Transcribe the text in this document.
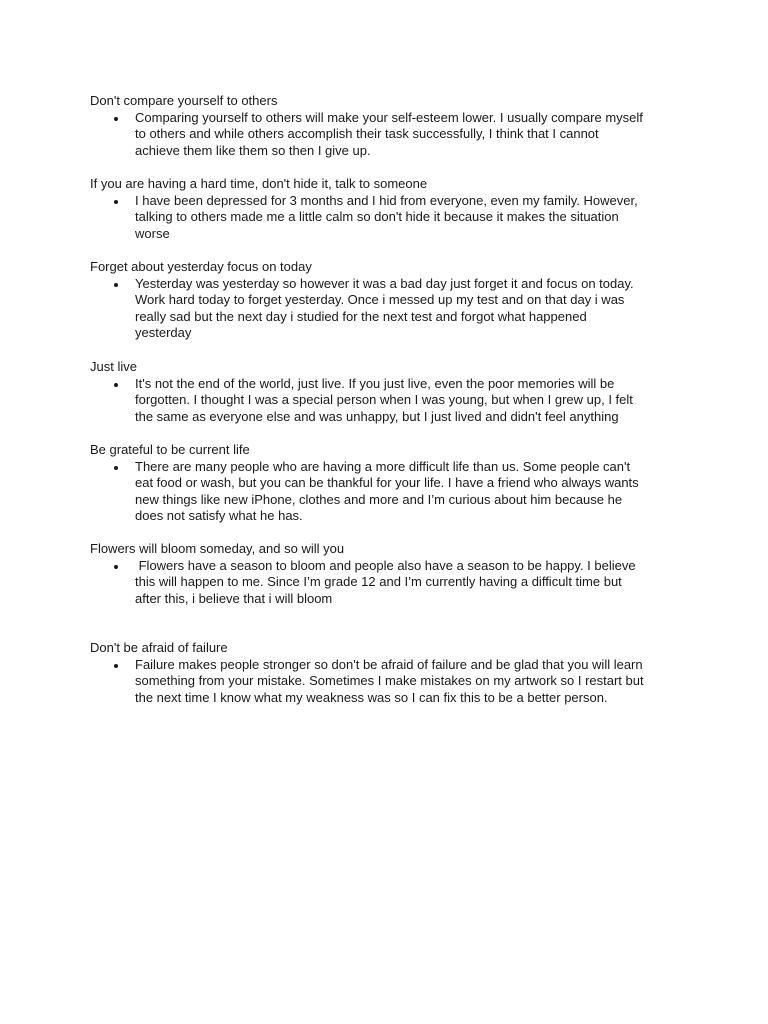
Don't compare yourself to others

Comparing yourself to others will make your self-esteem lower. I usually compare myself
to others and while others accomplish their task successfully, I think that I cannot
achieve them like them so then I give up.

If you are having a hard time, don't hide it, talk to someone

I have been depressed for 3 months and I hid from everyone, even my family. However,
talking to others made me a little calm so don't hide it because it makes the situation
worse

Forget about yesterday focus on today

Yesterday was yesterday so however it was a bad day just forget it and focus on today.
Work hard today to forget yesterday. Once i messed up my test and on that day i was
really sad but the next day i studied for the next test and forgot what happened
yesterday

Just live

It's not the end of the world, just live. If you just live, even the poor memories will be
forgotten. I thought I was a special person when I was young, but when I grew up, I felt
the same as everyone else and was unhappy, but I just lived and didn't feel anything

Be grateful to be current life

There are many people who are having a more difficult life than us. Some people can't
eat food or wash, but you can be thankful for your life. I have a friend who always wants
new things like new iPhone, clothes and more and I’m curious about him because he
does not satisfy what he has.

Flowers will bloom someday, and so will you

Flowers have a season to bloom and people also have a season to be happy. I believe
this will happen to me. Since I’m grade 12 and I’m currently having a difficult time but
after this, i believe that i will bloom

Don't be afraid of failure

Failure makes people stronger so don't be afraid of failure and be glad that you will learn
something from your mistake. Sometimes I make mistakes on my artwork so I restart but
the next time I know what my weakness was so I can fix this to be a better person.
